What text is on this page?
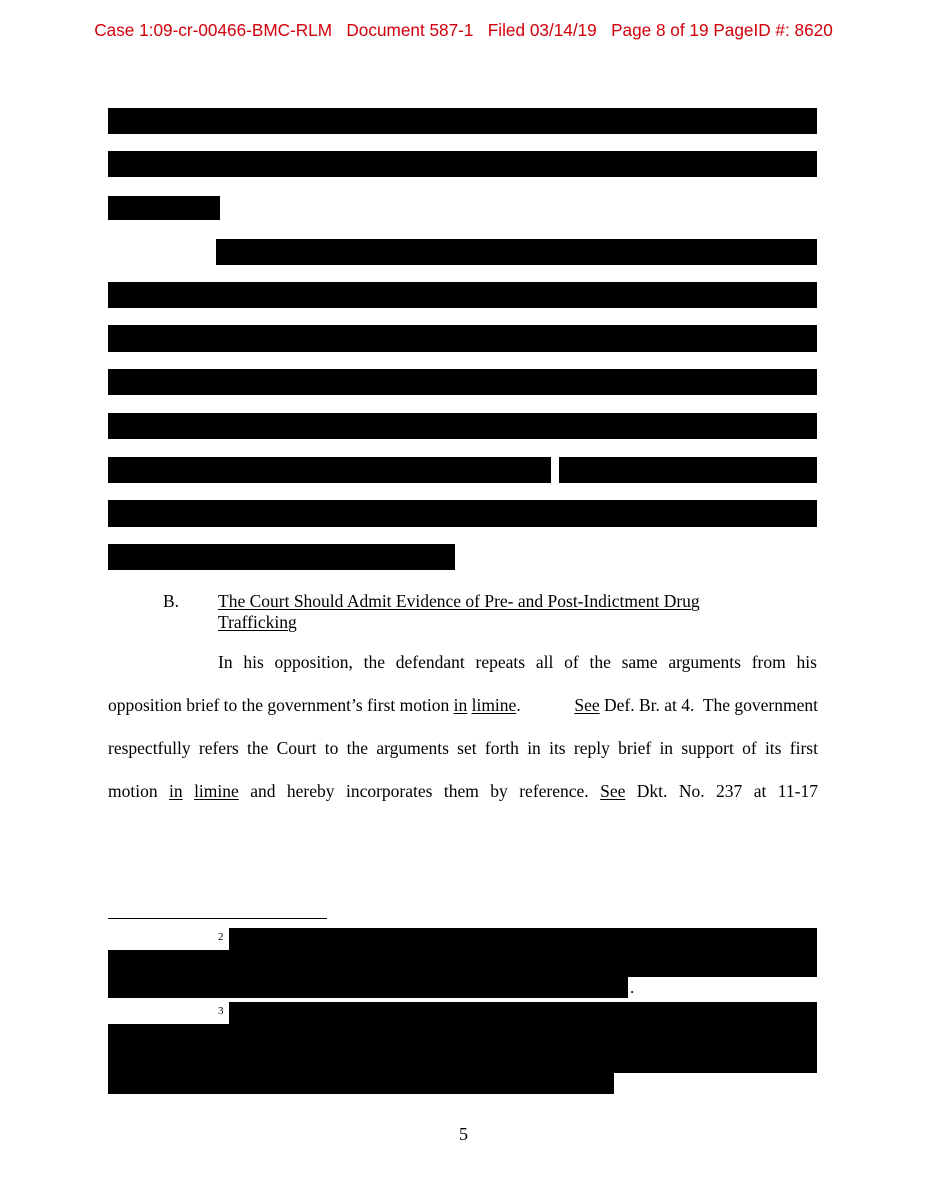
Case 1:09-cr-00466-BMC-RLM Document 587-1 Filed 03/14/19 Page 8 of 19 PageID #: 8620
B. The Court Should Admit Evidence of Pre- and Post-Indictment Drug Trafficking
In his opposition, the defendant repeats all of the same arguments from his
opposition brief to the government’s first motion in limine.	See Def. Br. at 4.  The government
respectfully refers the Court to the arguments set forth in its reply brief in support of its first
motion in limine and hereby incorporates them by reference. See Dkt. No. 237 at 11-17
2
.
3
5
